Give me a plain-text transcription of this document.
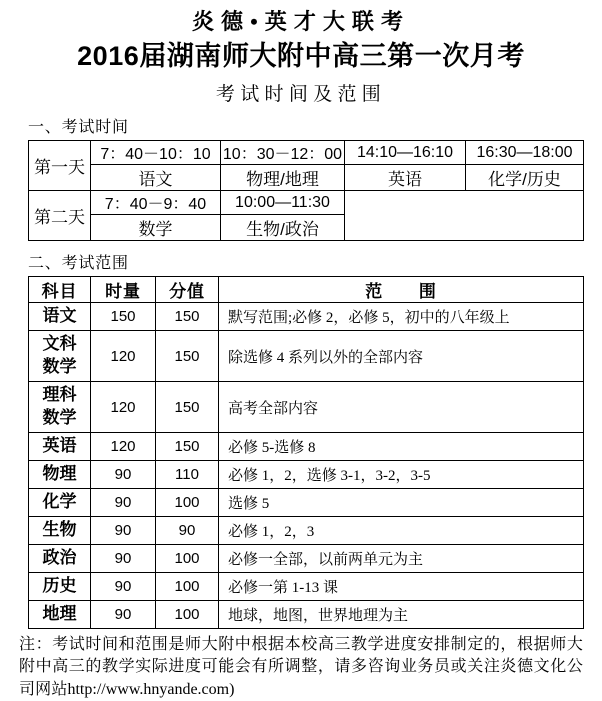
炎德•英才大联考
2016届湖南师大附中高三第一次月考
考试时间及范围
一、考试时间
第一天	7：40－10：10	10：30－12：00	14:10—16:10	16:30—18:00
	语文	物理/地理	英语	化学/历史
第二天	7：40－9：40	10:00—11:30		
	数学	生物/政治		
二、考试范围
科目	时量	分值	范　　围
语文	150	150	默写范围;必修 2，必修 5，初中的八年级上
文科数学	120	150	除选修 4 系列以外的全部内容
理科数学	120	150	高考全部内容
英语	120	150	必修 5-选修 8
物理	90	110	必修 1，2，选修 3-1，3-2，3-5
化学	90	100	选修 5
生物	90	90	必修 1，2，3
政治	90	100	必修一全部，以前两单元为主
历史	90	100	必修一第 1-13 课
地理	90	100	地球，地图，世界地理为主
注：考试时间和范围是师大附中根据本校高三教学进度安排制定的，根据师大附中高三的教学实际进度可能会有所调整，请多咨询业务员或关注炎德文化公司网站http://www.hnyande.com)
